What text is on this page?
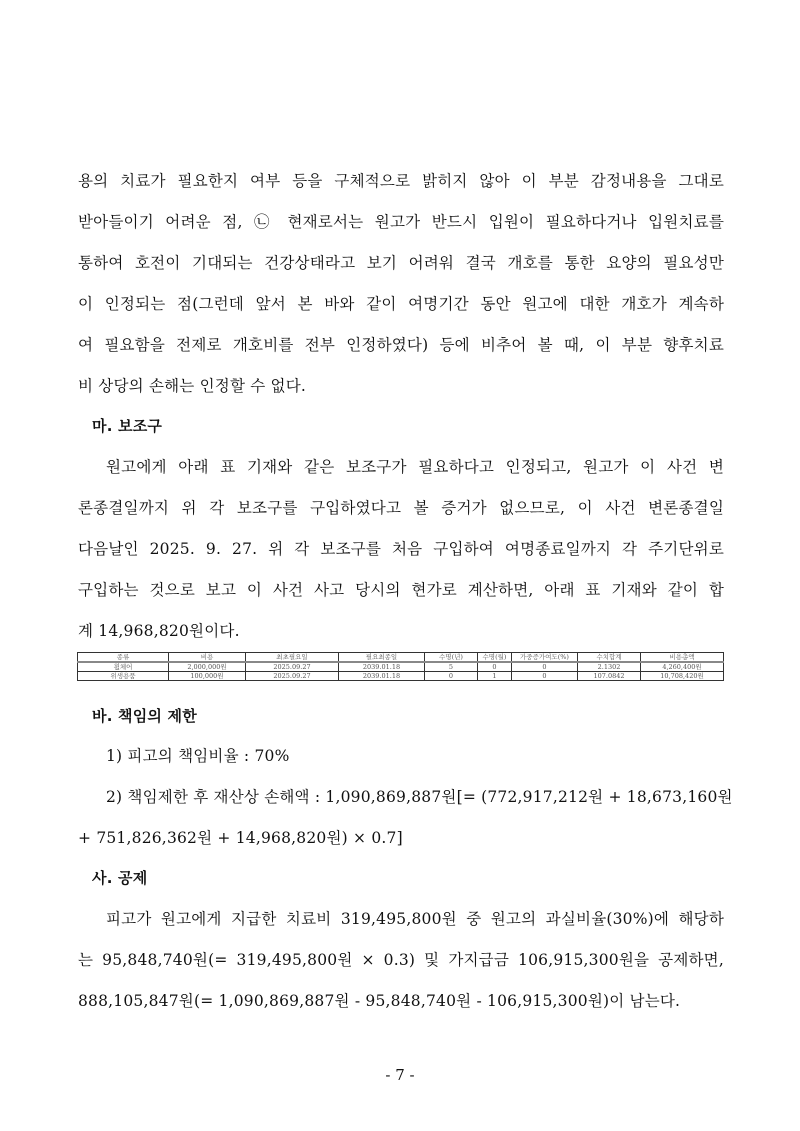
용의 치료가 필요한지 여부 등을 구체적으로 밝히지 않아 이 부분 감정내용을 그대로
받아들이기 어려운 점, ㉡ 현재로서는 원고가 반드시 입원이 필요하다거나 입원치료를
통하여 호전이 기대되는 건강상태라고 보기 어려워 결국 개호를 통한 요양의 필요성만
이 인정되는 점(그런데 앞서 본 바와 같이 여명기간 동안 원고에 대한 개호가 계속하
여 필요함을 전제로 개호비를 전부 인정하였다) 등에 비추어 볼 때, 이 부분 향후치료
비 상당의 손해는 인정할 수 없다.
마. 보조구
원고에게 아래 표 기재와 같은 보조구가 필요하다고 인정되고, 원고가 이 사건 변
론종결일까지 위 각 보조구를 구입하였다고 볼 증거가 없으므로, 이 사건 변론종결일
다음날인 2025. 9. 27. 위 각 보조구를 처음 구입하여 여명종료일까지 각 주기단위로
구입하는 것으로 보고 이 사건 사고 당시의 현가로 계산하면, 아래 표 기재와 같이 합
계 14,968,820원이다.
종류	비용	최초필요일	필요최종일	수명(년)	수명(월)	가중증가여도(%)	수치합계	비용총액
휠체어	2,000,000원	2025.09.27	2039.01.18	5	0	0	2.1302	4,260,400원
위생용품	100,000원	2025.09.27	2039.01.18	0	1	0	107.0842	10,708,420원
바. 책임의 제한
1) 피고의 책임비율 : 70%
2) 책임제한 후 재산상 손해액 : 1,090,869,887원[= (772,917,212원 + 18,673,160원
+ 751,826,362원 + 14,968,820원) × 0.7]
사. 공제
피고가 원고에게 지급한 치료비 319,495,800원 중 원고의 과실비율(30%)에 해당하
는 95,848,740원(= 319,495,800원 × 0.3) 및 가지급금 106,915,300원을 공제하면,
888,105,847원(= 1,090,869,887원 - 95,848,740원 - 106,915,300원)이 남는다.
- 7 -
